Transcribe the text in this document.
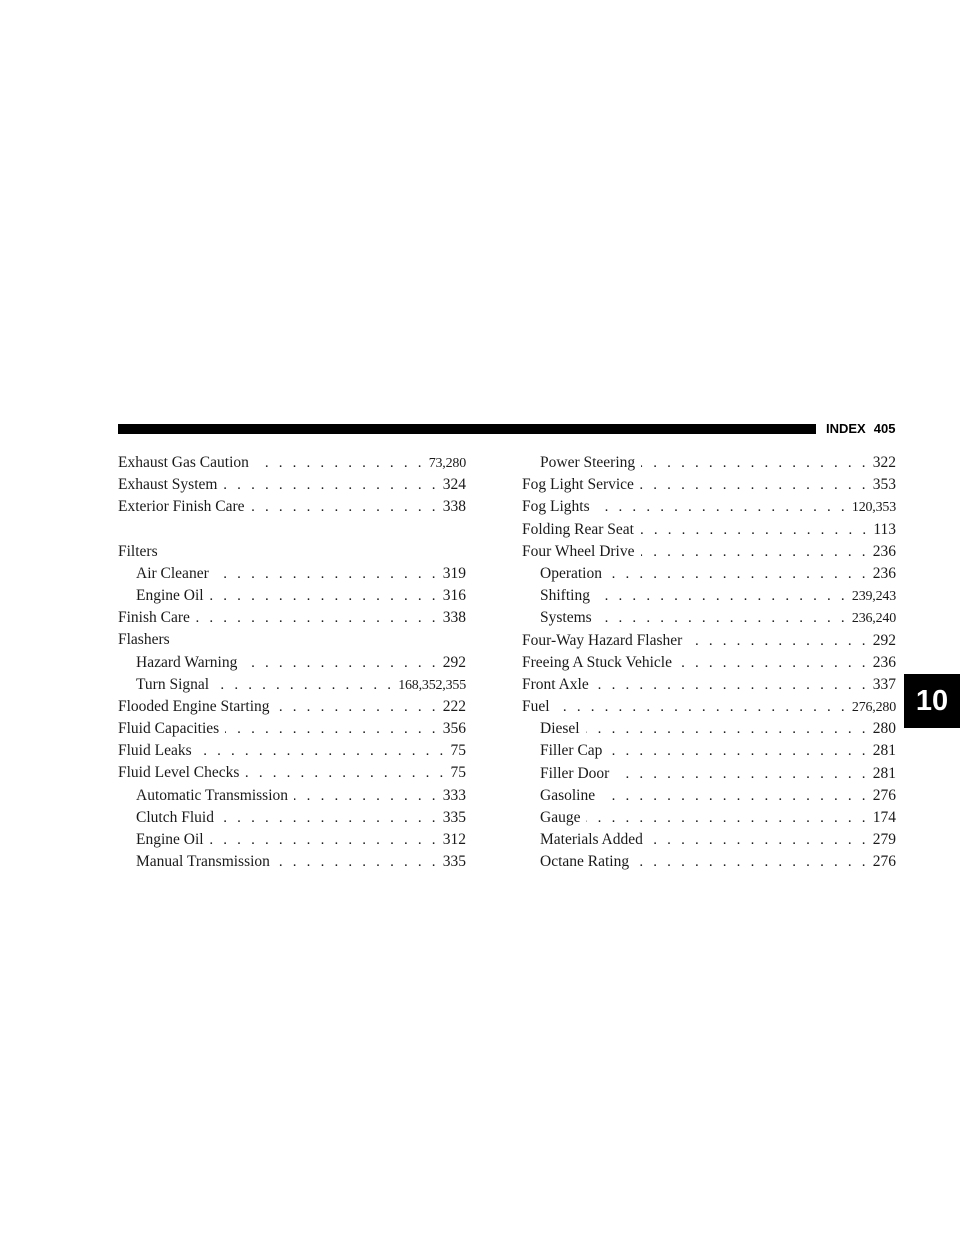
INDEX 405
Exhaust Gas Caution . . .	73,280
Exhaust System . . .	324
Exterior Finish Care . . .	338
Filters
Air Cleaner . . .	319
Engine Oil . . .	316
Finish Care . . .	338
Flashers
Hazard Warning . . .	292
Turn Signal . . .	168,352,355
Flooded Engine Starting . . .	222
Fluid Capacities . . .	356
Fluid Leaks . . .	75
Fluid Level Checks . . .	75
Automatic Transmission . . .	333
Clutch Fluid . . .	335
Engine Oil . . .	312
Manual Transmission . . .	335
Power Steering . . .	322
Fog Light Service . . .	353
Fog Lights . . .	120,353
Folding Rear Seat . . .	113
Four Wheel Drive . . .	236
Operation . . .	236
Shifting . . .	239,243
Systems . . .	236,240
Four-Way Hazard Flasher . . .	292
Freeing A Stuck Vehicle . . .	236
Front Axle . . .	337
Fuel . . .	276,280
Diesel . . .	280
Filler Cap . . .	281
Filler Door . . .	281
Gasoline . . .	276
Gauge . . .	174
Materials Added . . .	279
Octane Rating . . .	276
10
